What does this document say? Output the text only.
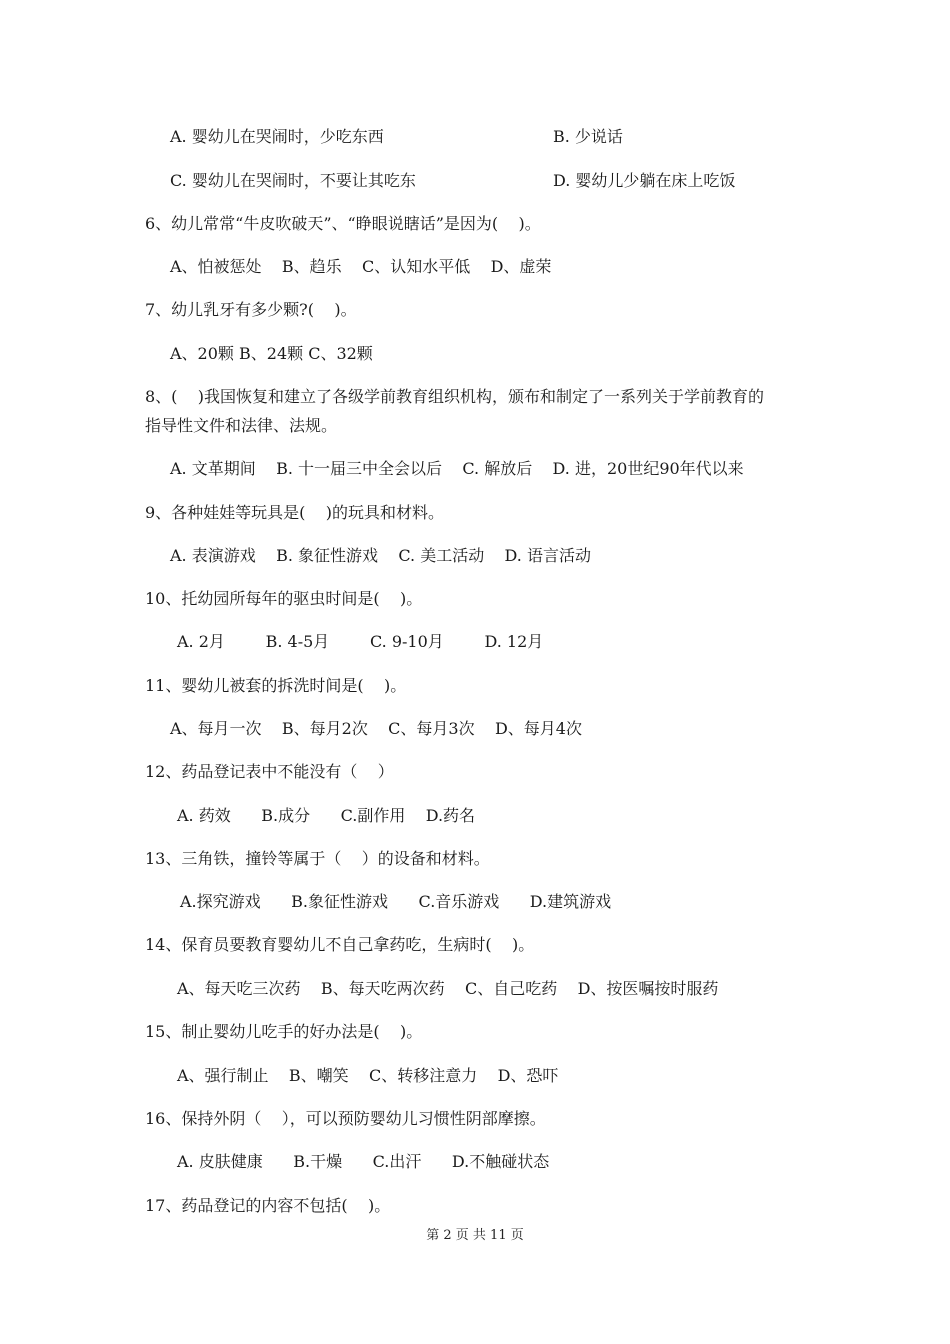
A. 婴幼儿在哭闹时，少吃东西	B. 少说话
C. 婴幼儿在哭闹时，不要让其吃东	D. 婴幼儿少躺在床上吃饭
6、幼儿常常“牛皮吹破天”、“睁眼说瞎话”是因为(    )。
A、怕被惩处    B、趋乐    C、认知水平低    D、虚荣
7、幼儿乳牙有多少颗?(    )。
A、20颗 B、24颗 C、32颗
8、(    )我国恢复和建立了各级学前教育组织机构，颁布和制定了一系列关于学前教育的
指导性文件和法律、法规。
A. 文革期间    B. 十一届三中全会以后    C. 解放后    D. 进，20世纪90年代以来
9、各种娃娃等玩具是(    )的玩具和材料。
A. 表演游戏    B. 象征性游戏    C. 美工活动    D. 语言活动
10、托幼园所每年的驱虫时间是(    )。
A. 2月        B. 4-5月        C. 9-10月        D. 12月
11、婴幼儿被套的拆洗时间是(    )。
A、每月一次    B、每月2次    C、每月3次    D、每月4次
12、药品登记表中不能没有（    ）
A. 药效      B.成分      C.副作用    D.药名
13、三角铁，撞铃等属于（    ）的设备和材料。
A.探究游戏      B.象征性游戏      C.音乐游戏      D.建筑游戏
14、保育员要教育婴幼儿不自己拿药吃，生病时(    )。
A、每天吃三次药    B、每天吃两次药    C、自己吃药    D、按医嘱按时服药
15、制止婴幼儿吃手的好办法是(    )。
A、强行制止    B、嘲笑    C、转移注意力    D、恐吓
16、保持外阴（    ），可以预防婴幼儿习惯性阴部摩擦。
A. 皮肤健康      B.干燥      C.出汗      D.不触碰状态
17、药品登记的内容不包括(    )。
第 2 页 共 11 页
